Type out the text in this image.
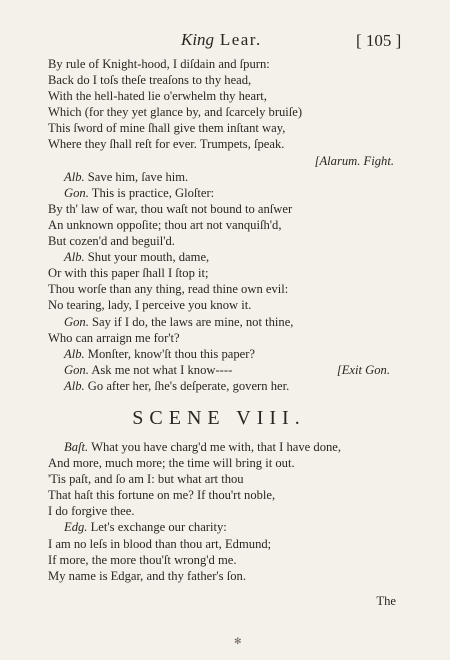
King Lear.	[ 105 ]
By rule of Knight-hood, I diſdain and ſpurn:
Back do I toſs theſe treaſons to thy head,
With the hell-hated lie o'erwhelm thy heart,
Which (for they yet glance by, and ſcarcely bruiſe)
This ſword of mine ſhall give them inſtant way,
Where they ſhall reſt for ever. Trumpets, ſpeak.
[Alarum. Fight.
Alb. Save him, ſave him.
Gon. This is practice, Gloſter:
By th' law of war, thou waſt not bound to anſwer
An unknown oppoſite; thou art not vanquiſh'd,
But cozen'd and beguil'd.
Alb. Shut your mouth, dame,
Or with this paper ſhall I ſtop it;
Thou worſe than any thing, read thine own evil:
No tearing, lady, I perceive you know it.
Gon. Say if I do, the laws are mine, not thine,
Who can arraign me for't?
Alb. Monſter, know'ſt thou this paper?
Gon. Ask me not what I know----	[Exit Gon.
Alb. Go after her, ſhe's deſperate, govern her.
SCENE VIII.
Baſt. What you have charg'd me with, that I have done,
And more, much more; the time will bring it out.
'Tis paſt, and ſo am I: but what art thou
That haſt this fortune on me? If thou'rt noble,
I do forgive thee.
Edg. Let's exchange our charity:
I am no leſs in blood than thou art, Edmund;
If more, the more thou'ſt wrong'd me.
My name is Edgar, and thy father's ſon.
The
✻
